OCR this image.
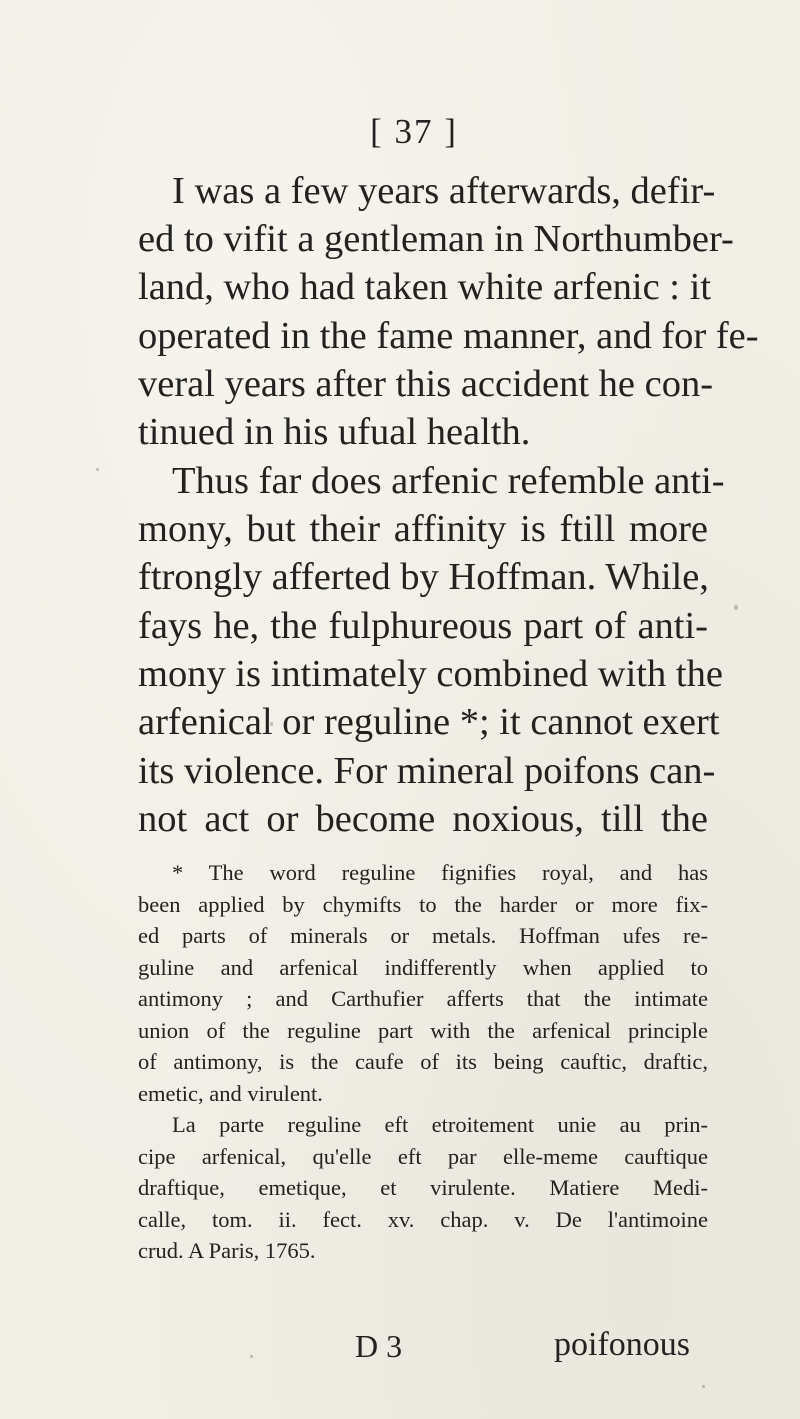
[ 37 ]
I was a few years afterwards, defir-
ed to vifit a gentleman in Northumber-
land, who had taken white arfenic : it
operated in the fame manner, and for fe-
veral years after this accident he con-
tinued in his ufual health.
Thus far does arfenic refemble anti-
mony, but their affinity is ftill more
ftrongly afferted by Hoffman. While,
fays he, the fulphureous part of anti-
mony is intimately combined with the
arfenical or reguline *; it cannot exert
its violence. For mineral poifons can-
not act or become noxious, till the
* The word reguline fignifies royal, and has
been applied by chymifts to the harder or more fix-
ed parts of minerals or metals. Hoffman ufes re-
guline and arfenical indifferently when applied to
antimony ; and Carthufier afferts that the intimate
union of the reguline part with the arfenical principle
of antimony, is the caufe of its being cauftic, draftic,
emetic, and virulent.
La parte reguline eft etroitement unie au prin-
cipe arfenical, qu'elle eft par elle-meme cauftique
draftique, emetique, et virulente. Matiere Medi-
calle, tom. ii. fect. xv. chap. v. De l'antimoine
crud. A Paris, 1765.
D 3	poifonous
